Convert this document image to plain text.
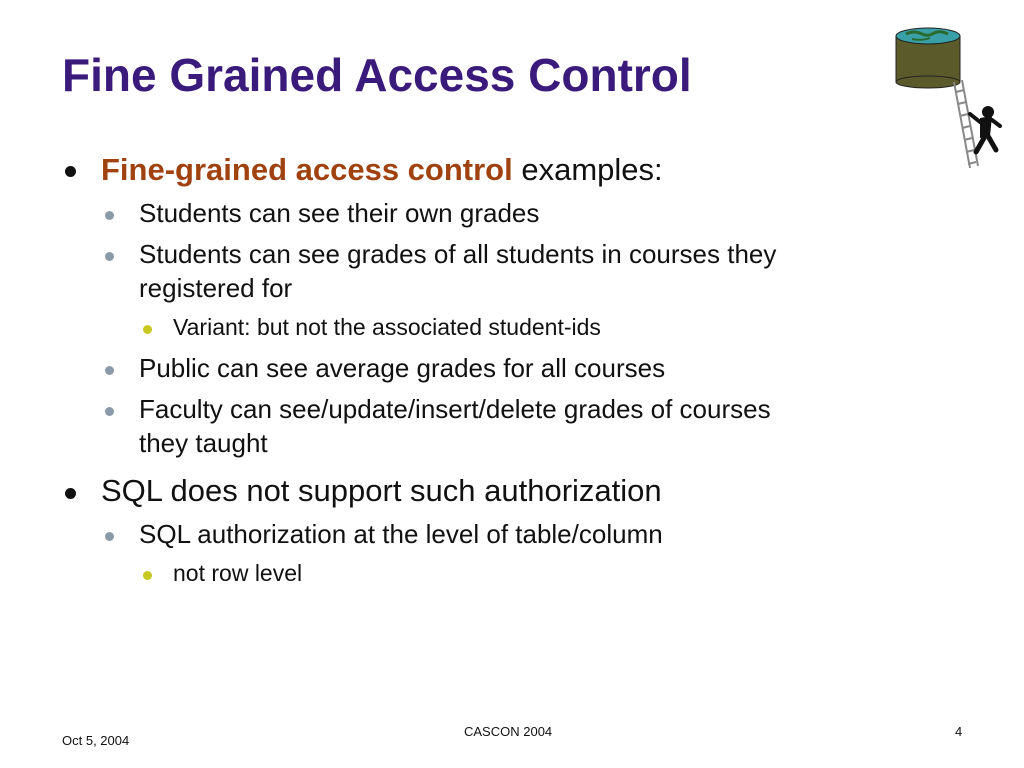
Fine Grained Access Control
Fine-grained access control examples:
Students can see their own grades
Students can see grades of all students in courses they
registered for
Variant: but not the associated student-ids
Public can see average grades for all courses
Faculty can see/update/insert/delete grades of courses
they taught
SQL does not support such authorization
SQL authorization at the level of table/column
not row level
Oct 5, 2004
CASCON 2004	4
